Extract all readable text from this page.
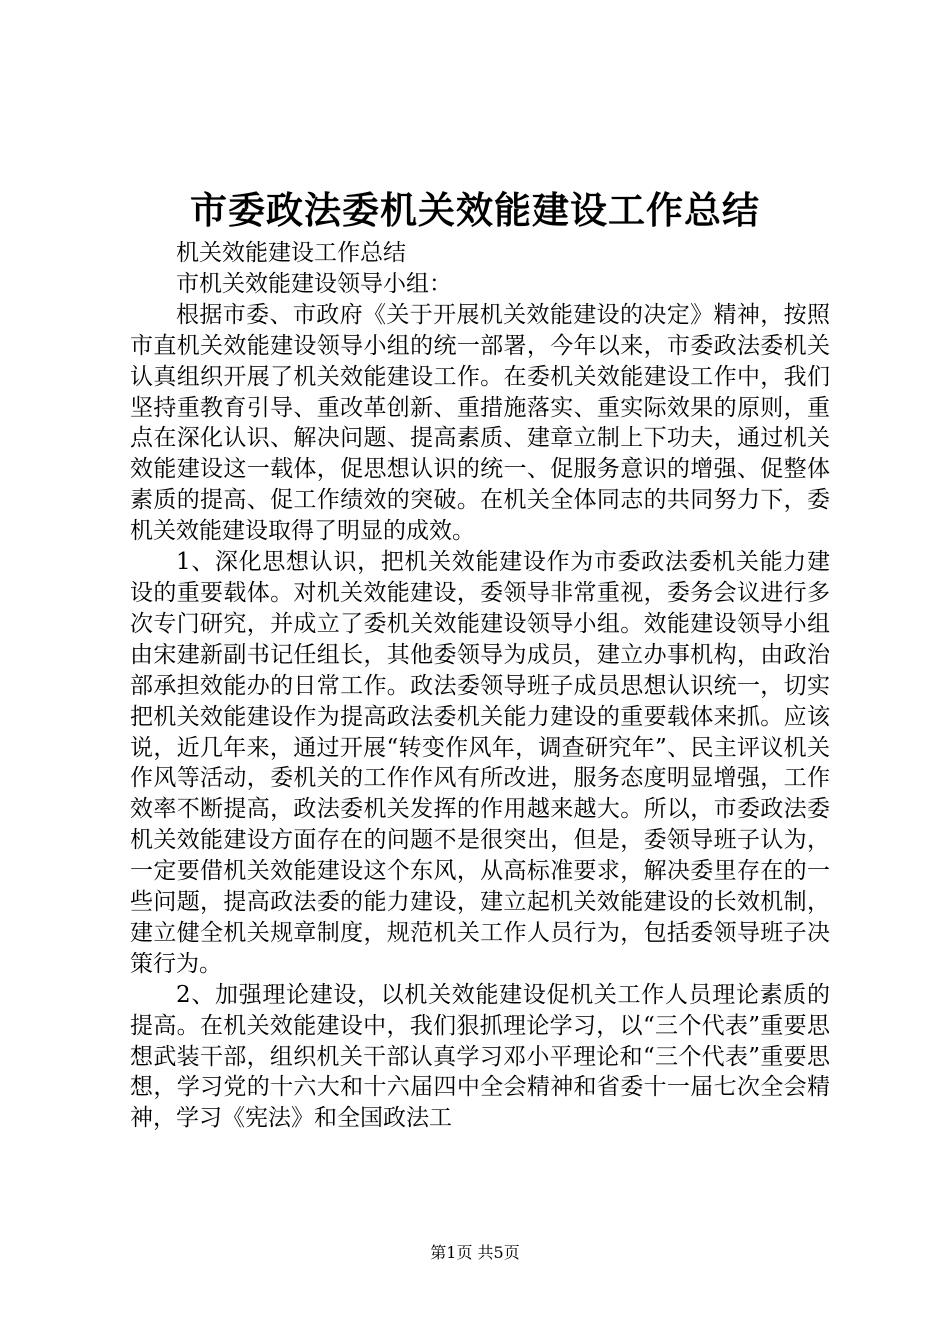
市委政法委机关效能建设工作总结

机关效能建设工作总结

市机关效能建设领导小组：

根据市委、市政府《关于开展机关效能建设的决定》精神，按照市直机关效能建设领导小组的统一部署，今年以来，市委政法委机关认真组织开展了机关效能建设工作。在委机关效能建设工作中，我们坚持重教育引导、重改革创新、重措施落实、重实际效果的原则，重点在深化认识、解决问题、提高素质、建章立制上下功夫，通过机关效能建设这一载体，促思想认识的统一、促服务意识的增强、促整体素质的提高、促工作绩效的突破。在机关全体同志的共同努力下，委机关效能建设取得了明显的成效。

1、深化思想认识，把机关效能建设作为市委政法委机关能力建设的重要载体。对机关效能建设，委领导非常重视，委务会议进行多次专门研究，并成立了委机关效能建设领导小组。效能建设领导小组由宋建新副书记任组长，其他委领导为成员，建立办事机构，由政治部承担效能办的日常工作。政法委领导班子成员思想认识统一，切实把机关效能建设作为提高政法委机关能力建设的重要载体来抓。应该说，近几年来，通过开展“转变作风年，调查研究年”、民主评议机关作风等活动，委机关的工作作风有所改进，服务态度明显增强，工作效率不断提高，政法委机关发挥的作用越来越大。所以，市委政法委机关效能建设方面存在的问题不是很突出，但是，委领导班子认为，一定要借机关效能建设这个东风，从高标准要求，解决委里存在的一些问题，提高政法委的能力建设，建立起机关效能建设的长效机制，建立健全机关规章制度，规范机关工作人员行为，包括委领导班子决策行为。

2、加强理论建设，以机关效能建设促机关工作人员理论素质的提高。在机关效能建设中，我们狠抓理论学习，以“三个代表”重要思想武装干部，组织机关干部认真学习邓小平理论和“三个代表”重要思想，学习党的十六大和十六届四中全会精神和省委十一届七次全会精神，学习《宪法》和全国政法工

第1页 共5页
